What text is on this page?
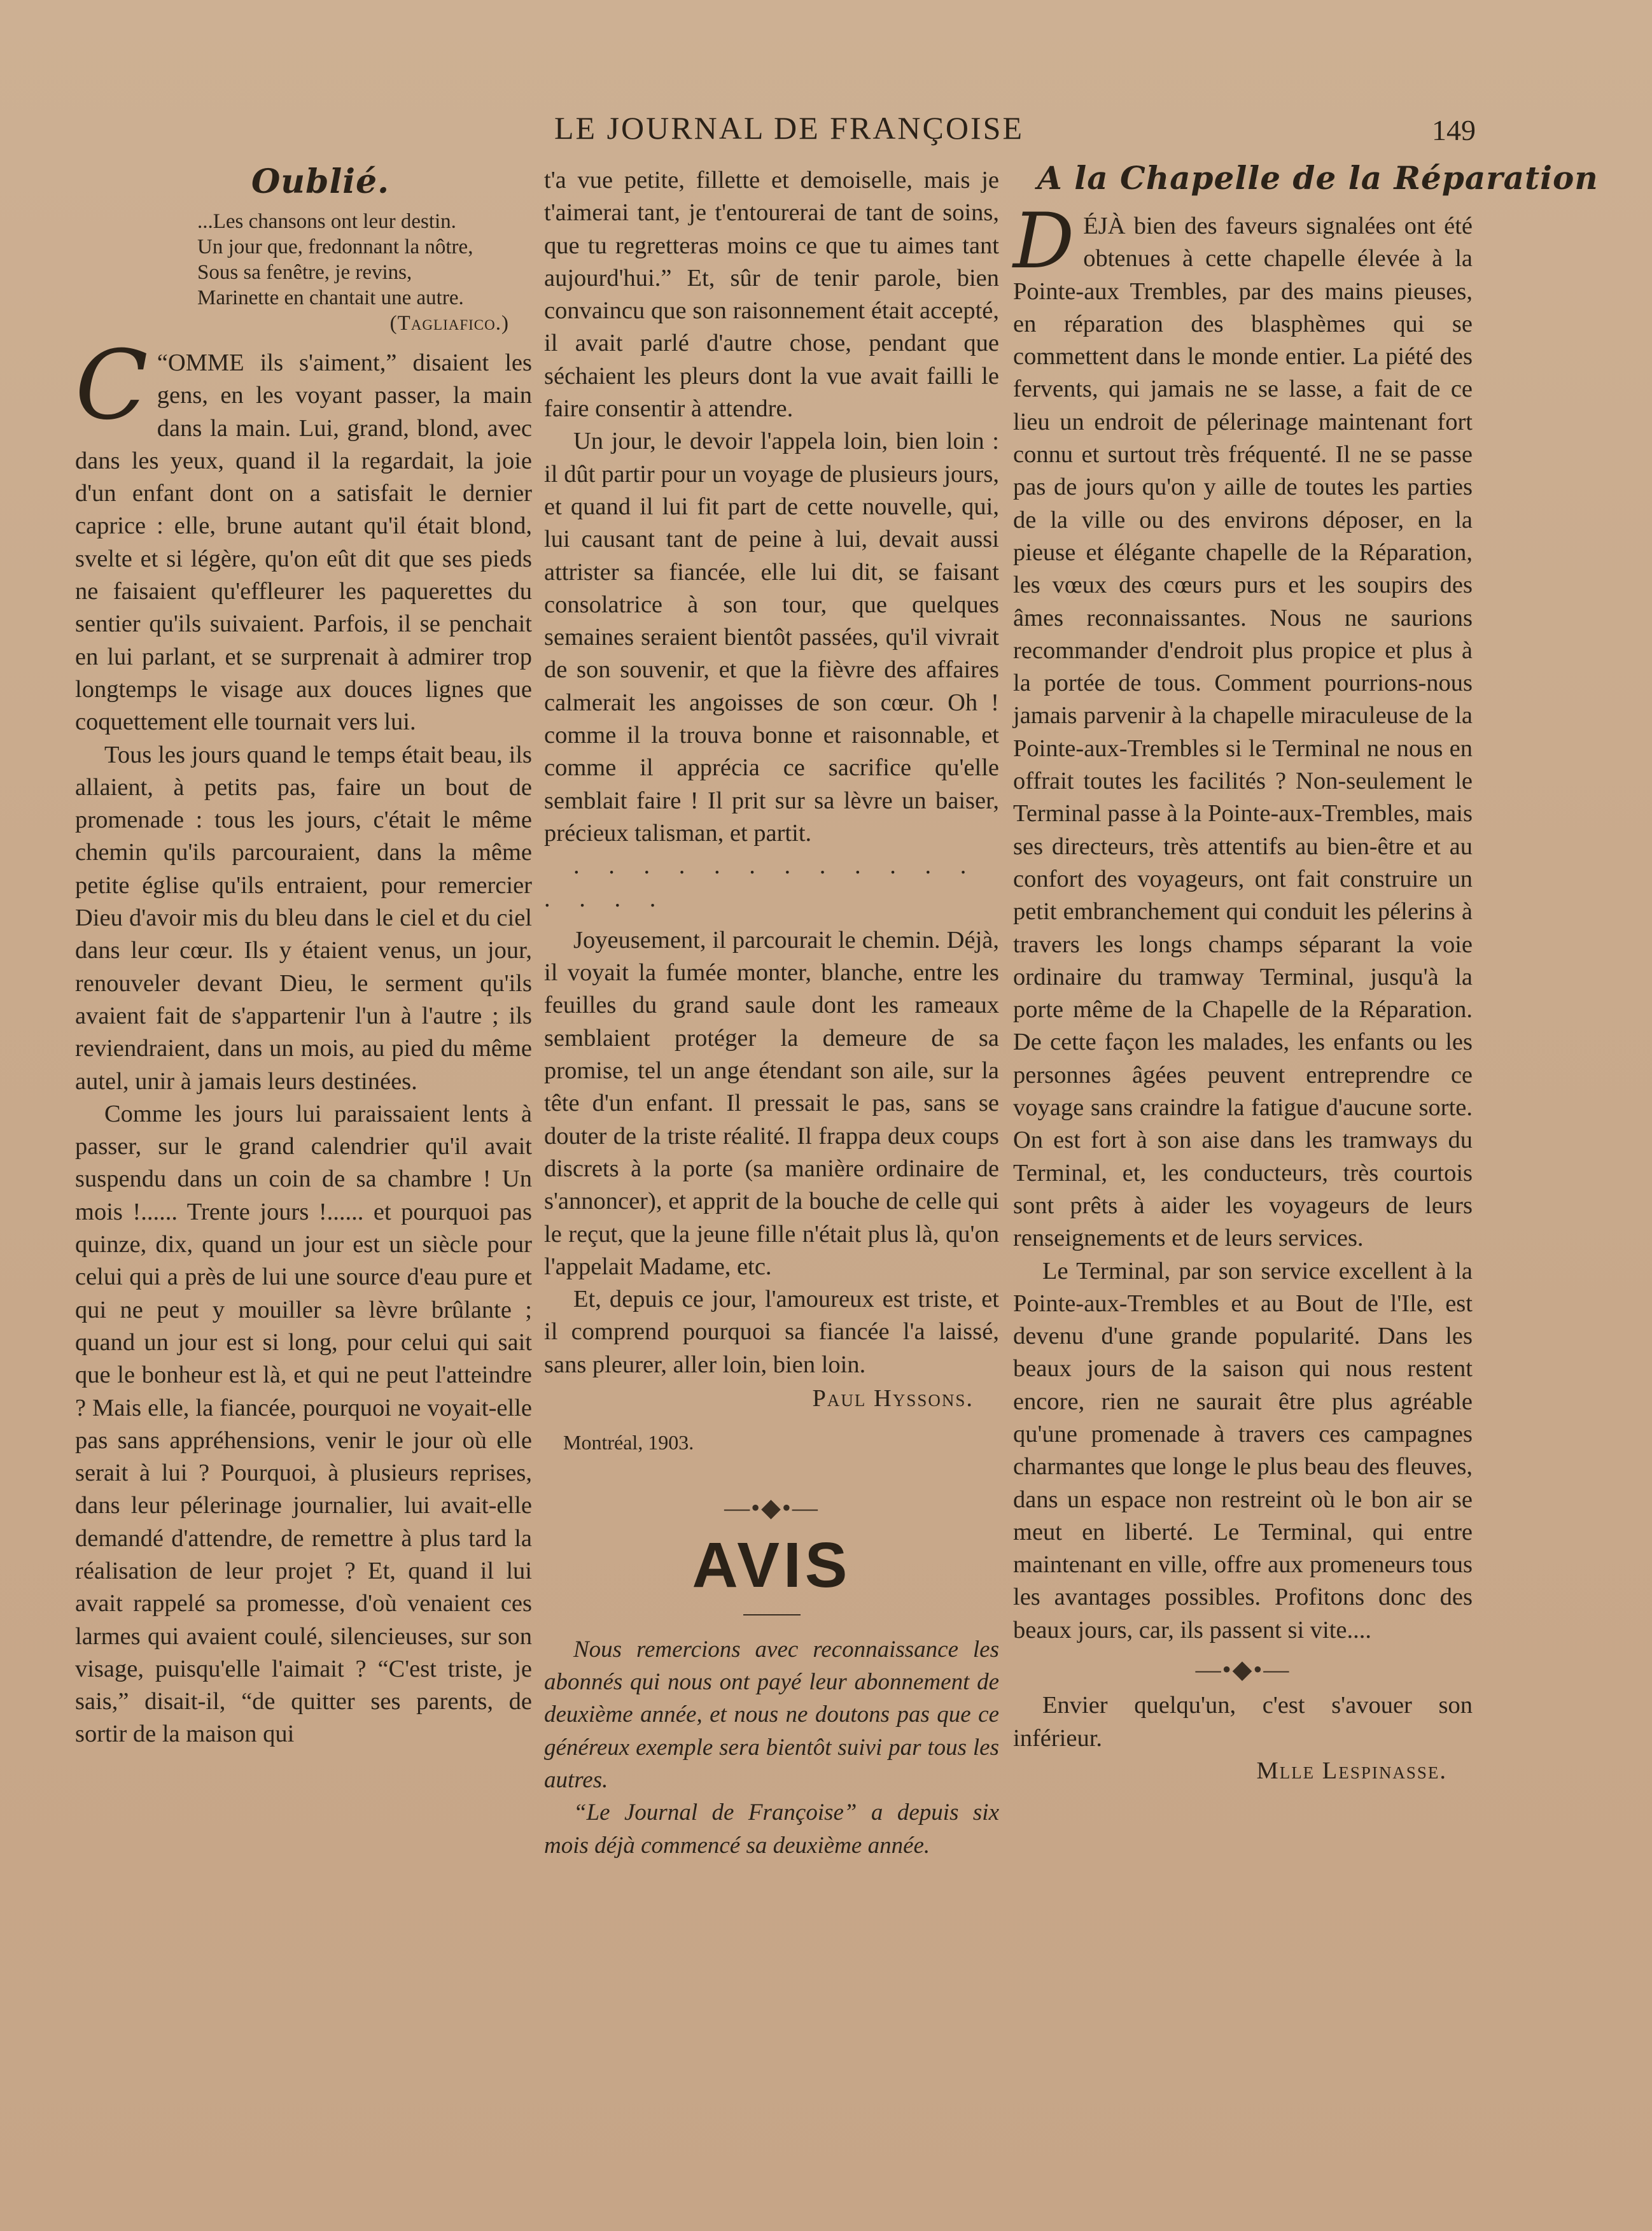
LE JOURNAL DE FRANÇOISE	149
Oublié.
...Les chansons ont leur destin.
Un jour que, fredonnant la nôtre,
Sous sa fenêtre, je revins,
Marinette en chantait une autre.
(Tagliafico.)

“
C OMME ils s'aiment,” disaient les gens, en les voyant passer, la main dans la main. Lui, grand, blond, avec dans les yeux, quand il la regardait, la joie d'un enfant dont on a satisfait le dernier caprice : elle, brune autant qu'il était blond, svelte et si légère, qu'on eût dit que ses pieds ne faisaient qu'effleurer les paquerettes du sentier qu'ils suivaient. Parfois, il se penchait en lui parlant, et se surprenait à admirer trop longtemps le visage aux douces lignes que coquettement elle tournait vers lui.

Tous les jours quand le temps était beau, ils allaient, à petits pas, faire un bout de promenade : tous les jours, c'était le même chemin qu'ils parcouraient, dans la même petite église qu'ils entraient, pour remercier Dieu d'avoir mis du bleu dans le ciel et du ciel dans leur cœur. Ils y étaient venus, un jour, renouveler devant Dieu, le serment qu'ils avaient fait de s'appartenir l'un à l'autre ; ils reviendraient, dans un mois, au pied du même autel, unir à jamais leurs destinées.

Comme les jours lui paraissaient lents à passer, sur le grand calendrier qu'il avait suspendu dans un coin de sa chambre ! Un mois !...... Trente jours !...... et pourquoi pas quinze, dix, quand un jour est un siècle pour celui qui a près de lui une source d'eau pure et qui ne peut y mouiller sa lèvre brûlante ; quand un jour est si long, pour celui qui sait que le bonheur est là, et qui ne peut l'atteindre ? Mais elle, la fiancée, pourquoi ne voyait-elle pas sans appréhensions, venir le jour où elle serait à lui ? Pourquoi, à plusieurs reprises, dans leur pélerinage journalier, lui avait-elle demandé d'attendre, de remettre à plus tard la réalisation de leur projet ? Et, quand il lui avait rappelé sa promesse, d'où venaient ces larmes qui avaient coulé, silencieuses, sur son visage, puisqu'elle l'aimait ? “C'est triste, je sais,” disait-il, “de quitter ses parents, de sortir de la maison qui

t'a vue petite, fillette et demoiselle, mais je t'aimerai tant, je t'entourerai de tant de soins, que tu regretteras moins ce que tu aimes tant aujourd'hui.” Et, sûr de tenir parole, bien convaincu que son raisonnement était accepté, il avait parlé d'autre chose, pendant que séchaient les pleurs dont la vue avait failli le faire consentir à attendre.

Un jour, le devoir l'appela loin, bien loin : il dût partir pour un voyage de plusieurs jours, et quand il lui fit part de cette nouvelle, qui, lui causant tant de peine à lui, devait aussi attrister sa fiancée, elle lui dit, se faisant consolatrice à son tour, que quelques semaines seraient bientôt passées, qu'il vivrait de son souvenir, et que la fièvre des affaires calmerait les angoisses de son cœur. Oh ! comme il la trouva bonne et raisonnable, et comme il apprécia ce sacrifice qu'elle semblait faire ! Il prit sur sa lèvre un baiser, précieux talisman, et partit.

. . . . . . . . . . . . . . . .

Joyeusement, il parcourait le chemin. Déjà, il voyait la fumée monter, blanche, entre les feuilles du grand saule dont les rameaux semblaient protéger la demeure de sa promise, tel un ange étendant son aile, sur la tête d'un enfant. Il pressait le pas, sans se douter de la triste réalité. Il frappa deux coups discrets à la porte (sa manière ordinaire de s'annoncer), et apprit de la bouche de celle qui le reçut, que la jeune fille n'était plus là, qu'on l'appelait Madame, etc.

Et, depuis ce jour, l'amoureux est triste, et il comprend pourquoi sa fiancée l'a laissé, sans pleurer, aller loin, bien loin.

Paul Hyssons.

Montréal, 1903.

—•◆•—
AVIS

Nous remercions avec reconnaissance les abonnés qui nous ont payé leur abonnement de deuxième année, et nous ne doutons pas que ce généreux exemple sera bientôt suivi par tous les autres.

“Le Journal de Françoise” a depuis six mois déjà commencé sa deuxième année.

A la Chapelle de la Réparation

DÉJÀ bien des faveurs signalées ont été obtenues à cette chapelle élevée à la Pointe-aux Trembles, par des mains pieuses, en réparation des blasphèmes qui se commettent dans le monde entier. La piété des fervents, qui jamais ne se lasse, a fait de ce lieu un endroit de pélerinage maintenant fort connu et surtout très fréquenté. Il ne se passe pas de jours qu'on y aille de toutes les parties de la ville ou des environs déposer, en la pieuse et élégante chapelle de la Réparation, les vœux des cœurs purs et les soupirs des âmes reconnaissantes. Nous ne saurions recommander d'endroit plus propice et plus à la portée de tous. Comment pourrions-nous jamais parvenir à la chapelle miraculeuse de la Pointe-aux-Trembles si le Terminal ne nous en offrait toutes les facilités ? Non-seulement le Terminal passe à la Pointe-aux-Trembles, mais ses directeurs, très attentifs au bien-être et au confort des voyageurs, ont fait construire un petit embranchement qui conduit les pélerins à travers les longs champs séparant la voie ordinaire du tramway Terminal, jusqu'à la porte même de la Chapelle de la Réparation. De cette façon les malades, les enfants ou les personnes âgées peuvent entreprendre ce voyage sans craindre la fatigue d'aucune sorte. On est fort à son aise dans les tramways du Terminal, et, les conducteurs, très courtois sont prêts à aider les voyageurs de leurs renseignements et de leurs services.

Le Terminal, par son service excellent à la Pointe-aux-Trembles et au Bout de l'Ile, est devenu d'une grande popularité. Dans les beaux jours de la saison qui nous restent encore, rien ne saurait être plus agréable qu'une promenade à travers ces campagnes charmantes que longe le plus beau des fleuves, dans un espace non restreint où le bon air se meut en liberté. Le Terminal, qui entre maintenant en ville, offre aux promeneurs tous les avantages possibles. Profitons donc des beaux jours, car, ils passent si vite....

—•◆•—

Envier quelqu'un, c'est s'avouer son inférieur.

Mlle Lespinasse.
